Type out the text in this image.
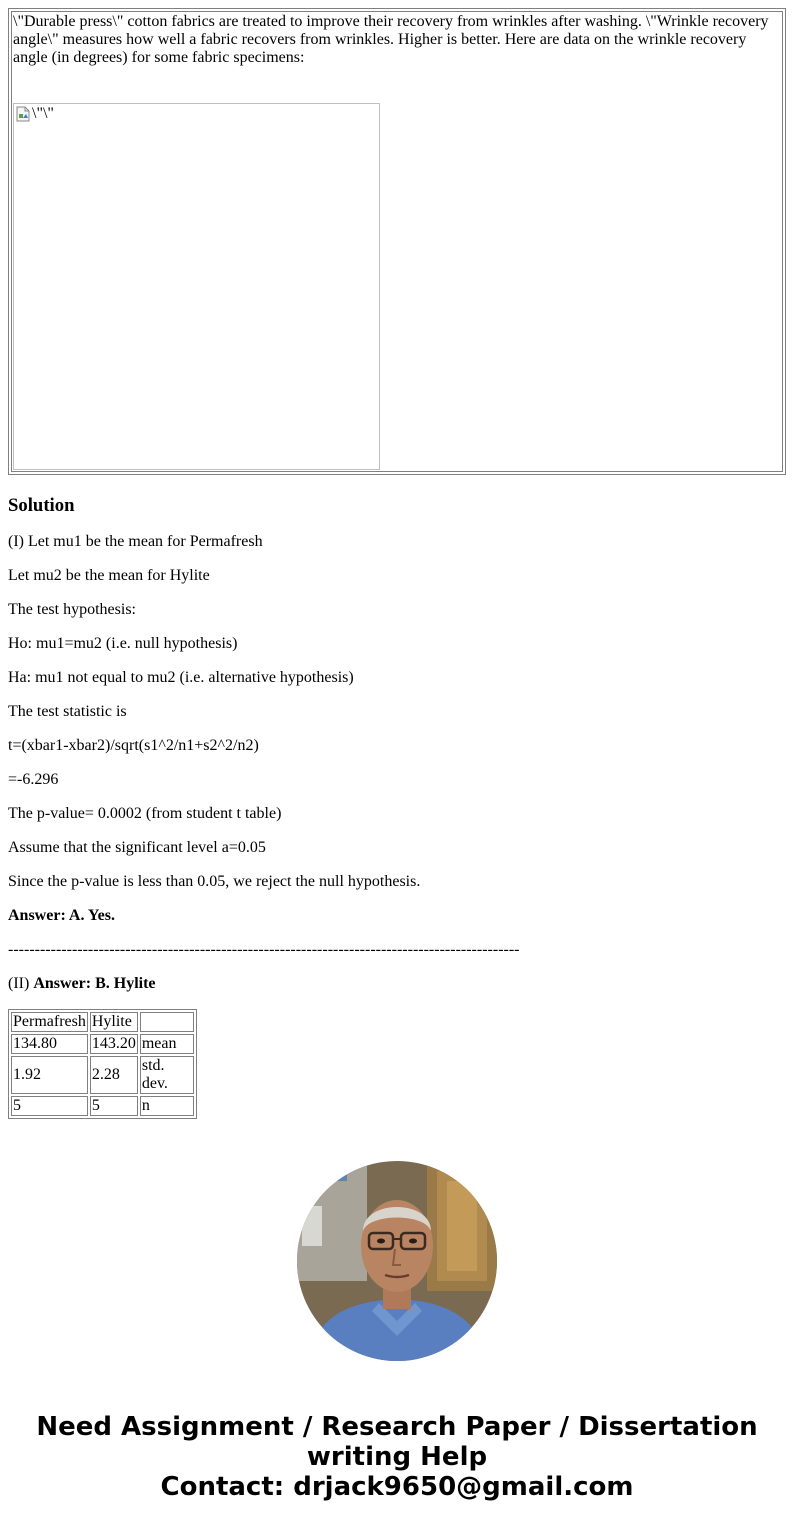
\"Durable press\" cotton fabrics are treated to improve their recovery from wrinkles after washing. \"Wrinkle recovery angle\" measures how well a fabric recovers from wrinkles. Higher is better. Here are data on the wrinkle recovery angle (in degrees) for some fabric specimens:
\"\"
Solution

(I) Let mu1 be the mean for Permafresh

Let mu2 be the mean for Hylite

The test hypothesis:

Ho: mu1=mu2 (i.e. null hypothesis)

Ha: mu1 not equal to mu2 (i.e. alternative hypothesis)

The test statistic is

t=(xbar1-xbar2)/sqrt(s1^2/n1+s2^2/n2)

=-6.296

The p-value= 0.0002 (from student t table)

Assume that the significant level a=0.05

Since the p-value is less than 0.05, we reject the null hypothesis.

Answer: A. Yes.

------------------------------------------------------------------------------------------------

(II) Answer: B. Hylite

Permafresh	Hylite	
134.80	143.20	mean
1.92	2.28	std. dev.
5	5	n
Need Assignment / Research Paper / Dissertation
writing Help
Contact: drjack9650@gmail.com
